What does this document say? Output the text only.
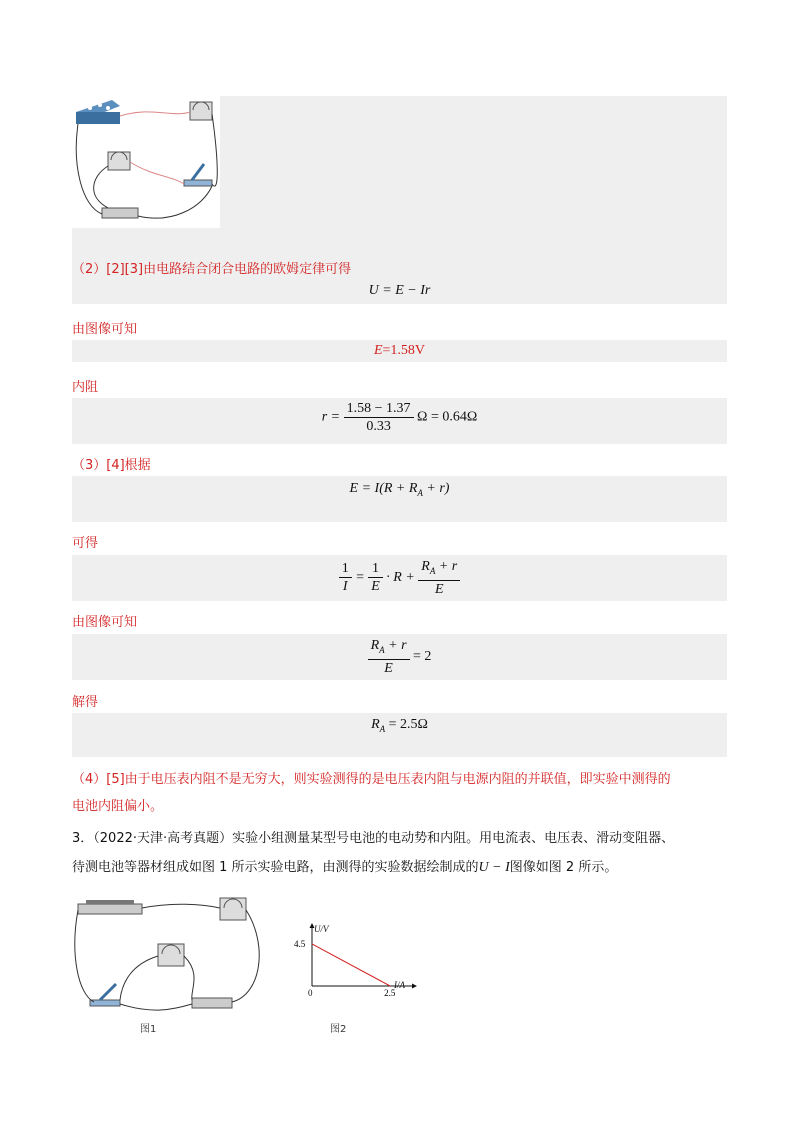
（2）[2][3]由电路结合闭合电路的欧姆定律可得
U = E − Ir
由图像可知
E=1.58V
内阻
$r = \frac{1.58 - 1.37}{0.33}$ Ω = 0.64Ω
（3）[4]根据
$E = I(R + R_A + r)$
可得
$\frac{1}{I} = \frac{1}{E} \cdot R + \frac{R_A + r}{E}$
由图像可知
$\frac{R_A + r}{E} = 2$
解得
$R_A = 2.5\Omega$
（4）[5]由于电压表内阻不是无穷大，则实验测得的是电压表内阻与电源内阻的并联值，即实验中测得的
电池内阻偏小。
3．（2022·天津·高考真题）实验小组测量某型号电池的电动势和内阻。用电流表、电压表、滑动变阻器、
待测电池等器材组成如图 1 所示实验电路，由测得的实验数据绘制成的U − I图像如图 2 所示。
图1
U/V
I/A
0
4.5
2.5
图2
